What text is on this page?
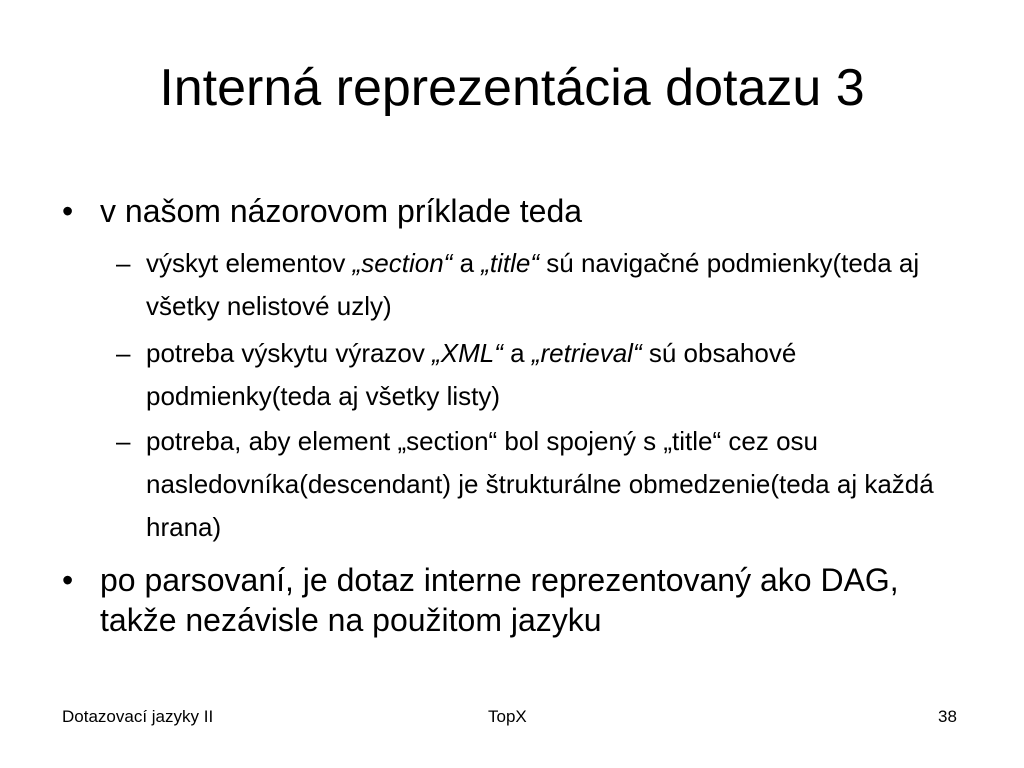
Interná reprezentácia dotazu 3
• v našom názorovom príklade teda
– výskyt elementov „section“ a „title“ sú navigačné podmienky(teda aj všetky nelistové uzly)
– potreba výskytu výrazov „XML“ a „retrieval“ sú obsahové podmienky(teda aj všetky listy)
– potreba, aby element „section“ bol spojený s „title“ cez osu nasledovníka(descendant) je štrukturálne obmedzenie(teda aj každá hrana)
• po parsovaní, je dotaz interne reprezentovaný ako DAG, takže nezávisle na použitom jazyku
Dotazovací jazyky II	TopX	38
